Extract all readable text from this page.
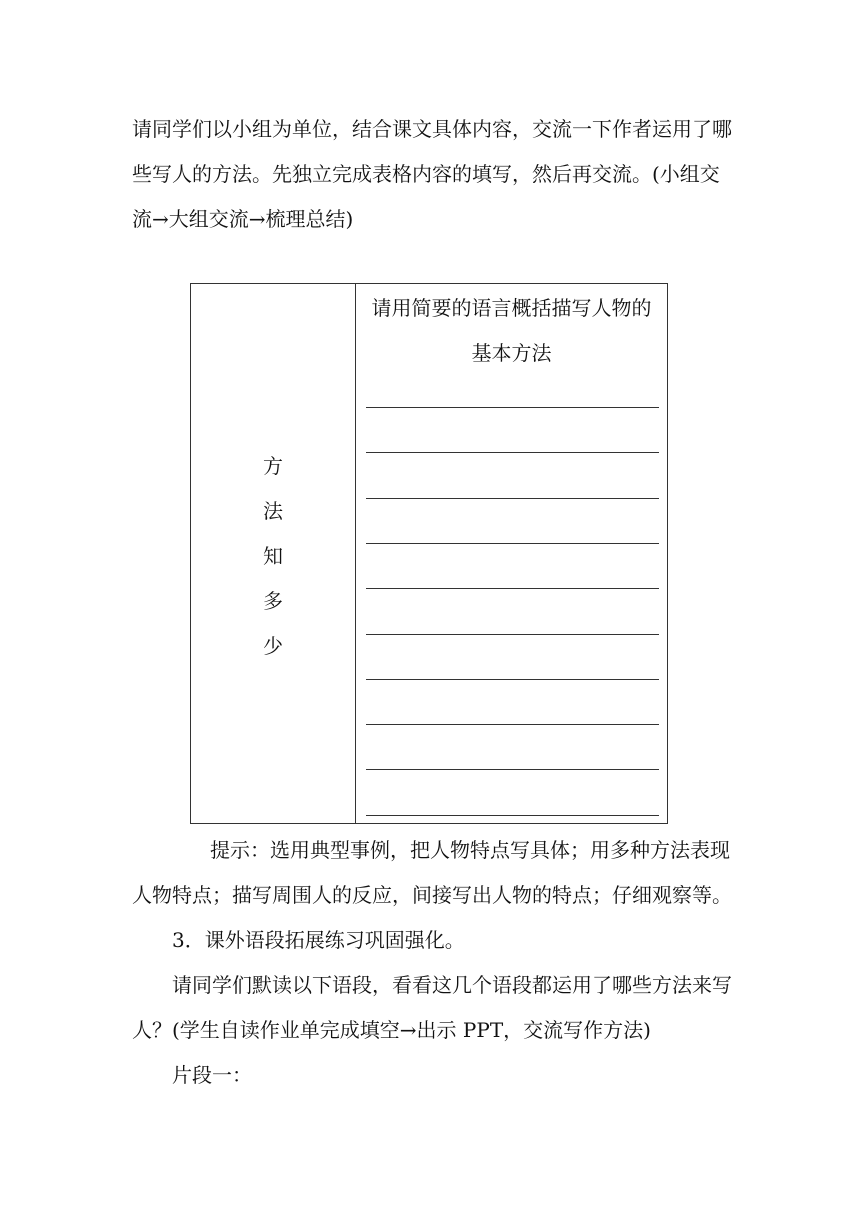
请同学们以小组为单位，结合课文具体内容，交流一下作者运用了哪
些写人的方法。先独立完成表格内容的填写，然后再交流。(小组交
流→大组交流→梳理总结)
方
法
知
多
少
请用简要的语言概括描写人物的
基本方法
提示：选用典型事例，把人物特点写具体；用多种方法表现
人物特点；描写周围人的反应，间接写出人物的特点；仔细观察等。
3．课外语段拓展练习巩固强化。
请同学们默读以下语段，看看这几个语段都运用了哪些方法来写
人？(学生自读作业单完成填空→出示 PPT，交流写作方法)
片段一：
